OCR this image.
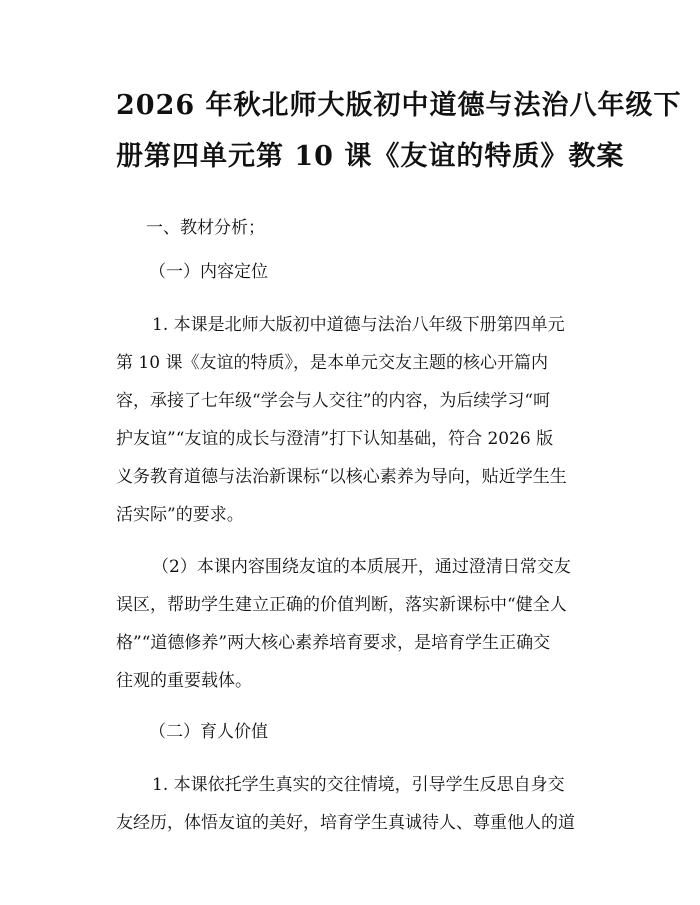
2026 年秋北师大版初中道德与法治八年级下
册第四单元第 10 课《友谊的特质》教案

一、教材分析；

（一）内容定位

1. 本课是北师大版初中道德与法治八年级下册第四单元
第 10 课《友谊的特质》，是本单元交友主题的核心开篇内
容，承接了七年级“学会与人交往”的内容，为后续学习“呵
护友谊”“友谊的成长与澄清”打下认知基础，符合 2026 版
义务教育道德与法治新课标“以核心素养为导向，贴近学生生
活实际”的要求。
（2）本课内容围绕友谊的本质展开，通过澄清日常交友
误区，帮助学生建立正确的价值判断，落实新课标中“健全人
格”“道德修养”两大核心素养培育要求，是培育学生正确交
往观的重要载体。

（二）育人价值

1. 本课依托学生真实的交往情境，引导学生反思自身交
友经历，体悟友谊的美好，培育学生真诚待人、尊重他人的道
